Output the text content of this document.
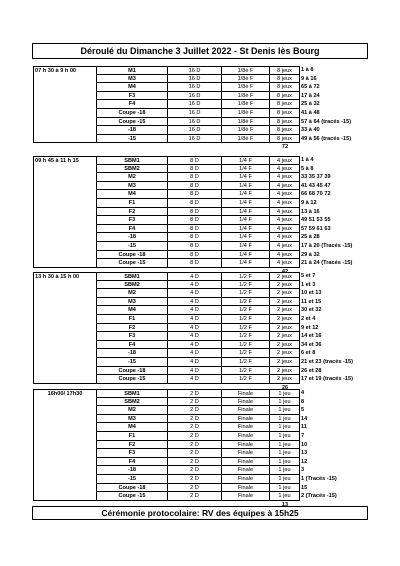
Déroulé du Dimanche 3 Juillet 2022 - St Denis lès Bourg
07 h 30 à 9 h 00	M1	16 D	1/8è F	8 jeux	1 à 8
M3	16 D	1/8è F	8 jeux	9 à 16
M4	16 D	1/8è F	8 jeux	65 à 72
F3	16 D	1/8è F	8 jeux	17 à 24
F4	16 D	1/8è F	8 jeux	25 à 32
Coupe -18	16 D	1/8è F	8 jeux	41 à 48
Coupe -15	16 D	1/8è F	8 jeux	57 à 64 (tracés -15)
-18	16 D	1/8è F	8 jeux	33 à 40
-15	16 D	1/8è F	8 jeux	49 à 56 (tracés -15)
72
09 h 45 à 11 h 15	SBM1	8 D	1/4 F	4 jeux	1 à 4
SBM2	8 D	1/4 F	4 jeux	5 à 8
M2	8 D	1/4 F	4 jeux	33 35 37 39
M3	8 D	1/4 F	4 jeux	41 43 45 47
M4	8 D	1/4 F	4 jeux	66 68 70 72
F1	8 D	1/4 F	4 jeux	9 à 12
F2	8 D	1/4 F	4 jeux	13 à 16
F3	8 D	1/4 F	4 jeux	49 51 53 55
F4	8 D	1/4 F	4 jeux	57 59 61 63
-18	8 D	1/4 F	4 jeux	25 à 28
-15	8 D	1/4 F	4 jeux	17 à 20 (Tracés -15)
Coupe -18	8 D	1/4 F	4 jeux	29 à 32
Coupe -15	8 D	1/4 F	4 jeux	21 à 24 (Tracés -15)
42
13 h 30 à 15 h 00	SBM1	4 D	1/2 F	2 jeux	5 et 7
SBM2	4 D	1/2 F	2 jeux	1 et 3
M2	4 D	1/2 F	2 jeux	10 et 13
M3	4 D	1/2 F	2 jeux	11 et 15
M4	4 D	1/2 F	2 jeux	30 et 32
F1	4 D	1/2 F	2 jeux	2 et 4
F2	4 D	1/2 F	2 jeux	9 et 12
F3	4 D	1/2 F	2 jeux	14 et 16
F4	4 D	1/2 F	2 jeux	34 et 36
-18	4 D	1/2 F	2 jeux	6 et 8
-15	4 D	1/2 F	2 jeux	21 et 23 (tracés -15)
Coupe -18	4 D	1/2 F	2 jeux	26 et 28
Coupe -15	4 D	1/2 F	2 jeux	17 et 19 (tracés -15)
26
16h00/ 17h30	SBM1	2 D	Finale	1 jeu	4
SBM2	2 D	Finale	1 jeu	8
M2	2 D	Finale	1 jeu	5
M3	2 D	Finale	1 jeu	14
M4	2 D	Finale	1 jeu	11
F1	2 D	Finale	1 jeu	7
F2	2 D	Finale	1 jeu	10
F3	2 D	Finale	1 jeu	13
F4	2 D	Finale	1 jeu	12
-18	2 D	Finale	1 jeu	3
-15	2 D	Finale	1 jeu	1 (Tracés -15)
Coupe -18	2 D	Finale	1 jeu	15
Coupe -15	2 D	Finale	1 jeu	2 (Tracés -15)
13
Cérémonie protocolaire: RV des équipes à 15h25
